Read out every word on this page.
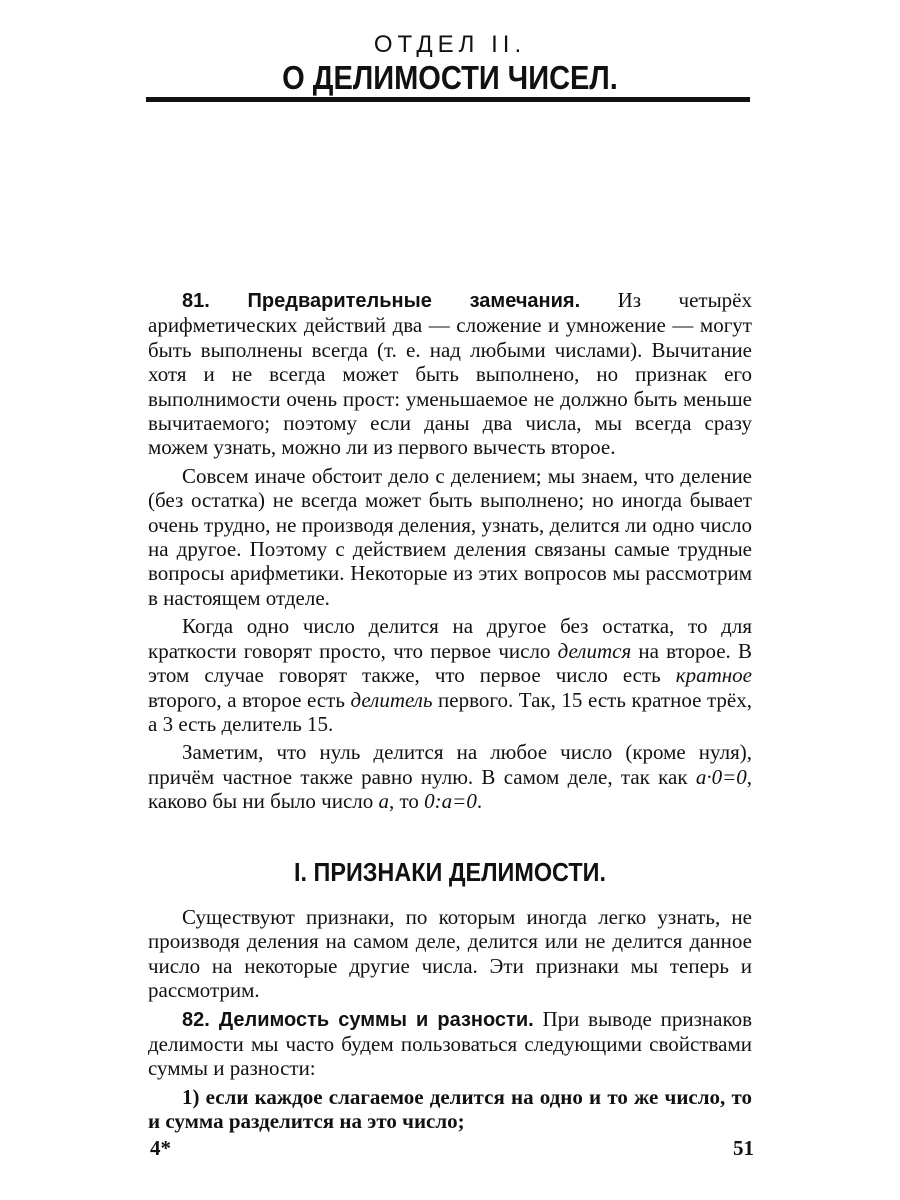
ОТДЕЛ II.
О ДЕЛИМОСТИ ЧИСЕЛ.

81. Предварительные замечания. Из четырёх арифметических действий два — сложение и умножение — могут быть выполнены всегда (т. е. над любыми числами). Вычитание хотя и не всегда может быть выполнено, но признак его выполнимости очень прост: уменьшаемое не должно быть меньше вычитаемого; поэтому если даны два числа, мы всегда сразу можем узнать, можно ли из первого вычесть второе.

Совсем иначе обстоит дело с делением; мы знаем, что деление (без остатка) не всегда может быть выполнено; но иногда бывает очень трудно, не производя деления, узнать, делится ли одно число на другое. Поэтому с действием деления связаны самые трудные вопросы арифметики. Некоторые из этих вопросов мы рассмотрим в настоящем отделе.

Когда одно число делится на другое без остатка, то для краткости говорят просто, что первое число делится на второе. В этом случае говорят также, что первое число есть кратное второго, а второе есть делитель первого. Так, 15 есть кратное трёх, а 3 есть делитель 15.

Заметим, что нуль делится на любое число (кроме нуля), причём частное также равно нулю. В самом деле, так как a·0=0, каково бы ни было число a, то 0:a=0.

I. ПРИЗНАКИ ДЕЛИМОСТИ.

Существуют признаки, по которым иногда легко узнать, не производя деления на самом деле, делится или не делится данное число на некоторые другие числа. Эти признаки мы теперь и рассмотрим.

82. Делимость суммы и разности. При выводе признаков делимости мы часто будем пользоваться следующими свойствами суммы и разности:

1) если каждое слагаемое делится на одно и то же число, то и сумма разделится на это число;

4*	51
